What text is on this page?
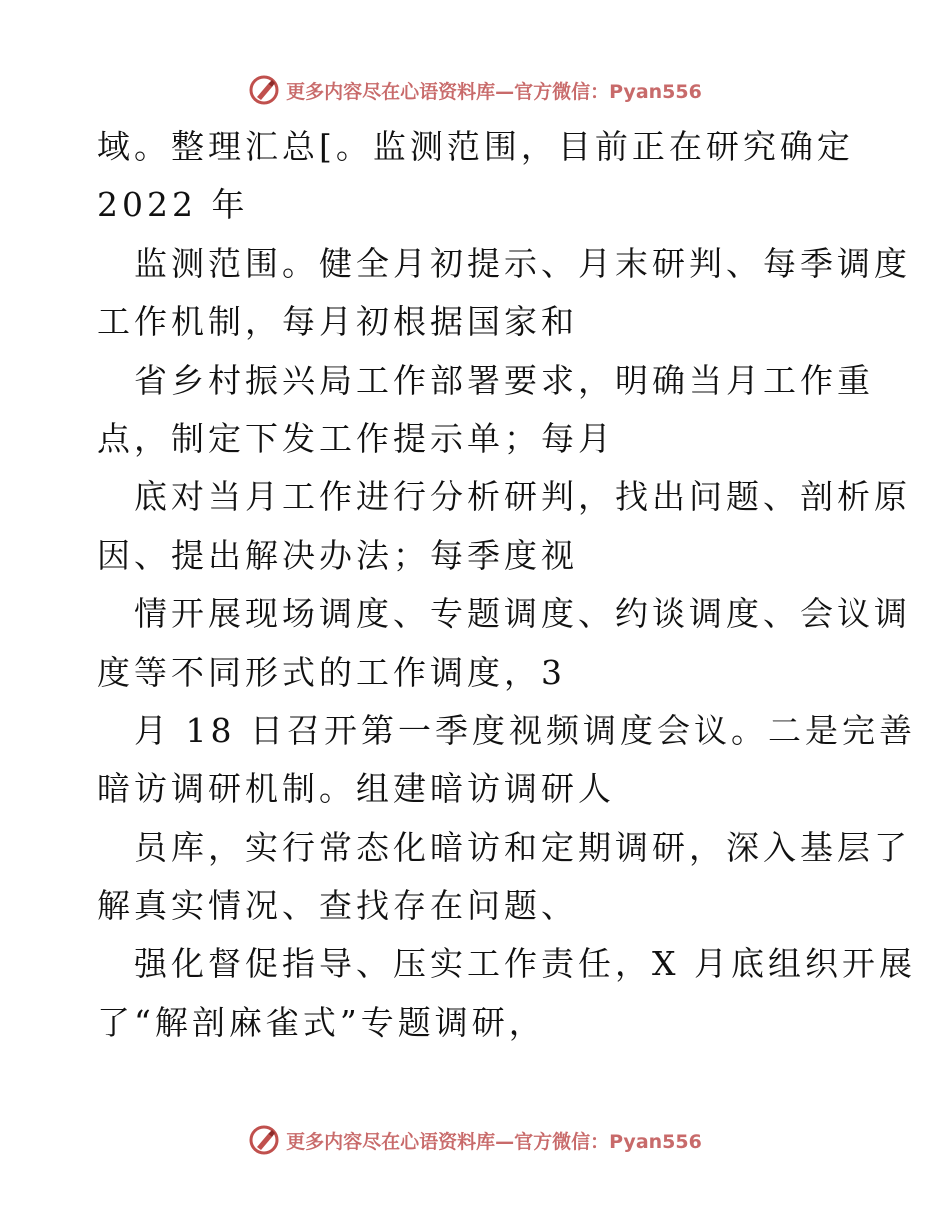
更多内容尽在心语资料库—官方微信：Pyan556
域。整理汇总[。监测范围，目前正在研究确定
2022 年
监测范围。健全月初提示、月末研判、每季调度
工作机制，每月初根据国家和
省乡村振兴局工作部署要求，明确当月工作重
点，制定下发工作提示单；每月
底对当月工作进行分析研判，找出问题、剖析原
因、提出解决办法；每季度视
情开展现场调度、专题调度、约谈调度、会议调
度等不同形式的工作调度，3
月 18 日召开第一季度视频调度会议。二是完善
暗访调研机制。组建暗访调研人
员库，实行常态化暗访和定期调研，深入基层了
解真实情况、查找存在问题、
强化督促指导、压实工作责任，X 月底组织开展
了“解剖麻雀式”专题调研，
更多内容尽在心语资料库—官方微信：Pyan556
